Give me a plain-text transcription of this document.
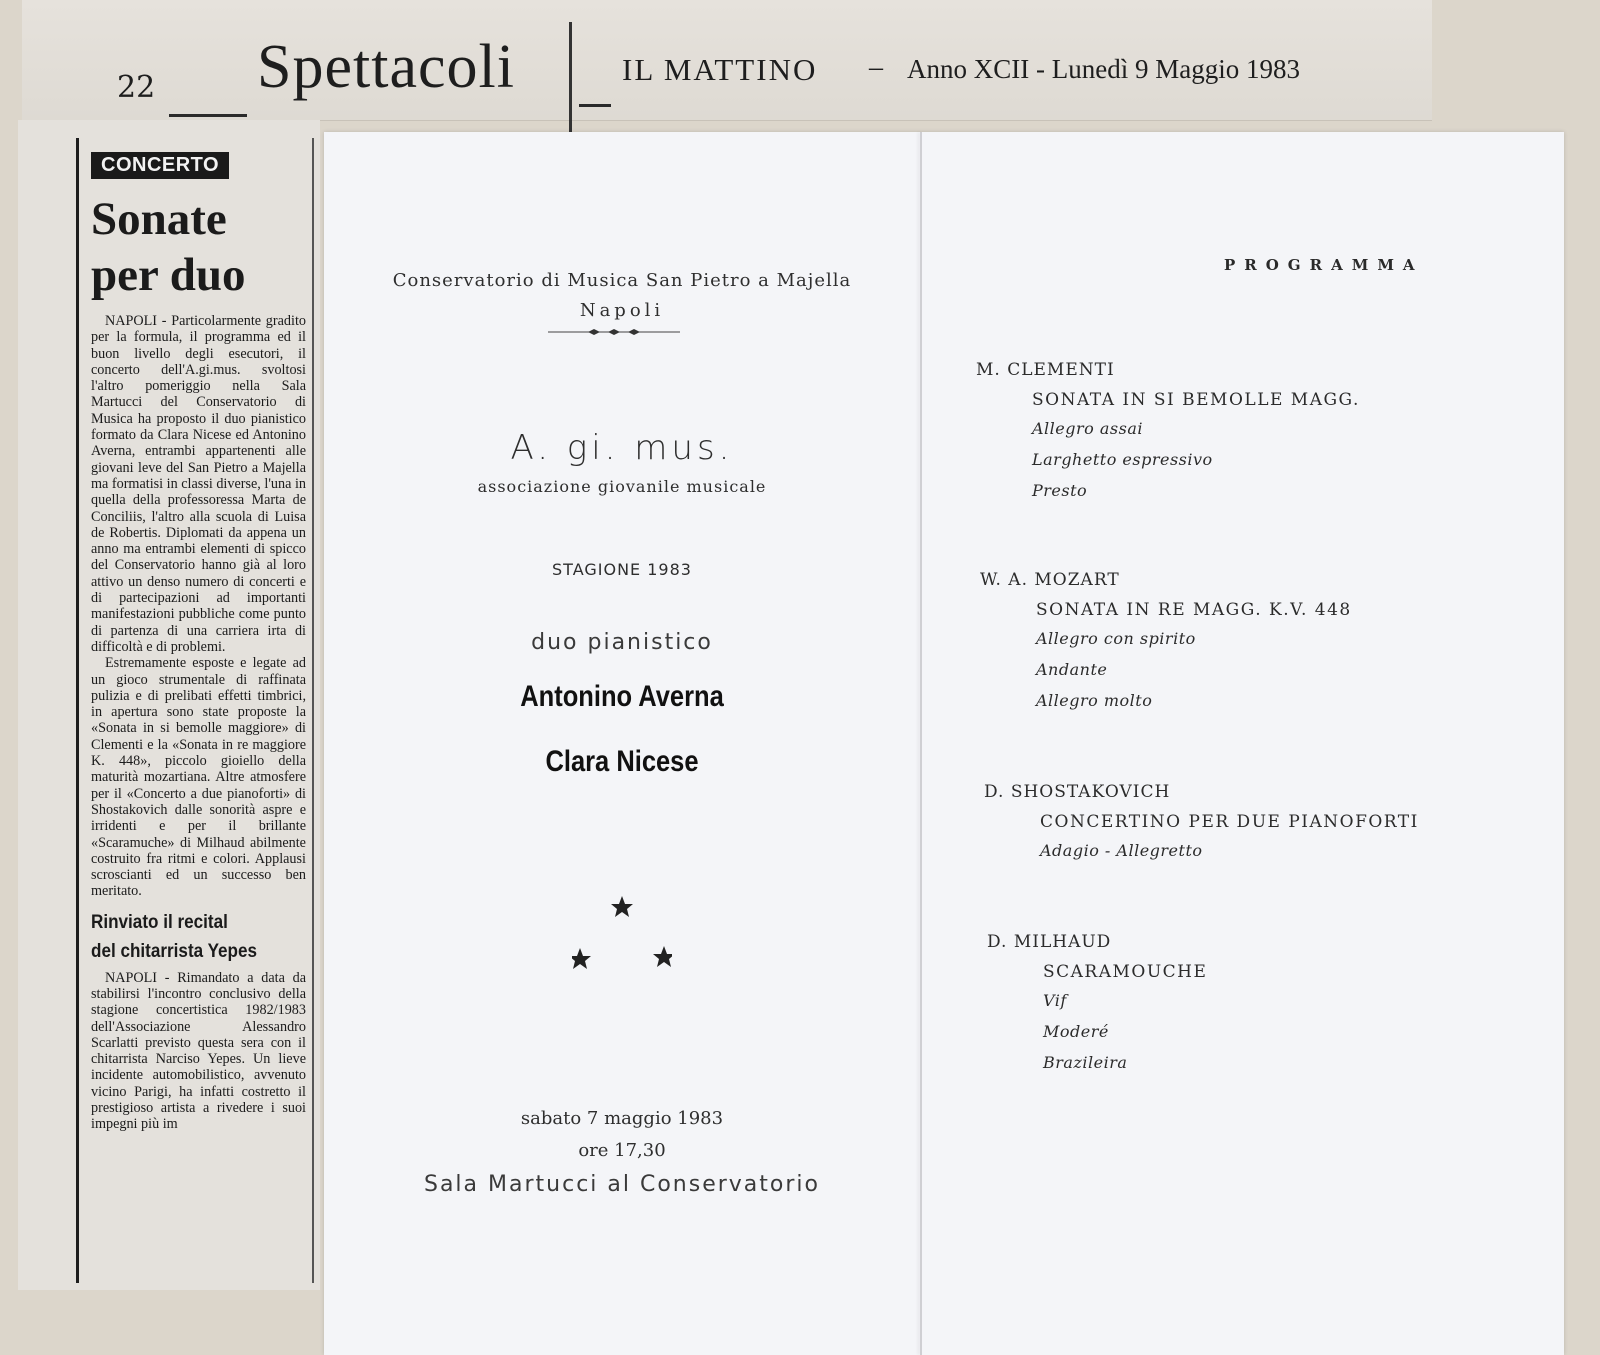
22 Spettacoli	IL MATTINO – Anno XCII - Lunedì 9 Maggio 1983
CONCERTO
Sonate
per duo

NAPOLI - Particolarmente gradito per la formula, il programma ed il buon livello degli esecutori, il concerto dell'A.gi.mus. svoltosi l'altro pomeriggio nella Sala Martucci del Conservatorio di Musica ha proposto il duo pianistico formato da Clara Nicese ed Antonino Averna, entrambi appartenenti alle giovani leve del San Pietro a Majella ma formatisi in classi diverse, l'una in quella della professoressa Marta de Conciliis, l'altro alla scuola di Luisa de Robertis. Diplomati da appena un anno ma entrambi elementi di spicco del Conservatorio hanno già al loro attivo un denso numero di concerti e di partecipazioni ad importanti manifestazioni pubbliche come punto di partenza di una carriera irta di difficoltà e di problemi.

Estremamente esposte e legate ad un gioco strumentale di raffinata pulizia e di prelibati effetti timbrici, in apertura sono state proposte la «Sonata in si bemolle maggiore» di Clementi e la «Sonata in re maggiore K. 448», piccolo gioiello della maturità mozartiana. Altre atmosfere per il «Concerto a due pianoforti» di Shostakovich dalle sonorità aspre e irridenti e per il brillante «Scaramuche» di Milhaud abilmente costruito fra ritmi e colori. Applausi scroscianti ed un successo ben meritato.

Rinviato il recital
del chitarrista Yepes

NAPOLI - Rimandato a data da stabilirsi l'incontro conclusivo della stagione concertistica 1982/1983 dell'Associazione Alessandro Scarlatti previsto questa sera con il chitarrista Narciso Yepes. Un lieve incidente automobilistico, avvenuto vicino Parigi, ha infatti costretto il prestigioso artista a rivedere i suoi impegni più im

Conservatorio di Musica San Pietro a Majella
Napoli
A. gi. mus.
associazione giovanile musicale
STAGIONE 1983
duo pianistico
Antonino Averna
Clara Nicese
sabato 7 maggio 1983
ore 17,30
Sala Martucci al Conservatorio
PROGRAMMA
M. CLEMENTI
SONATA IN SI BEMOLLE MAGG.
Allegro assai
Larghetto espressivo
Presto
W. A. MOZART
SONATA IN RE MAGG. K.V. 448
Allegro con spirito
Andante
Allegro molto
D. SHOSTAKOVICH
CONCERTINO PER DUE PIANOFORTI
Adagio - Allegretto
D. MILHAUD
SCARAMOUCHE
Vif
Moderé
Brazileira
